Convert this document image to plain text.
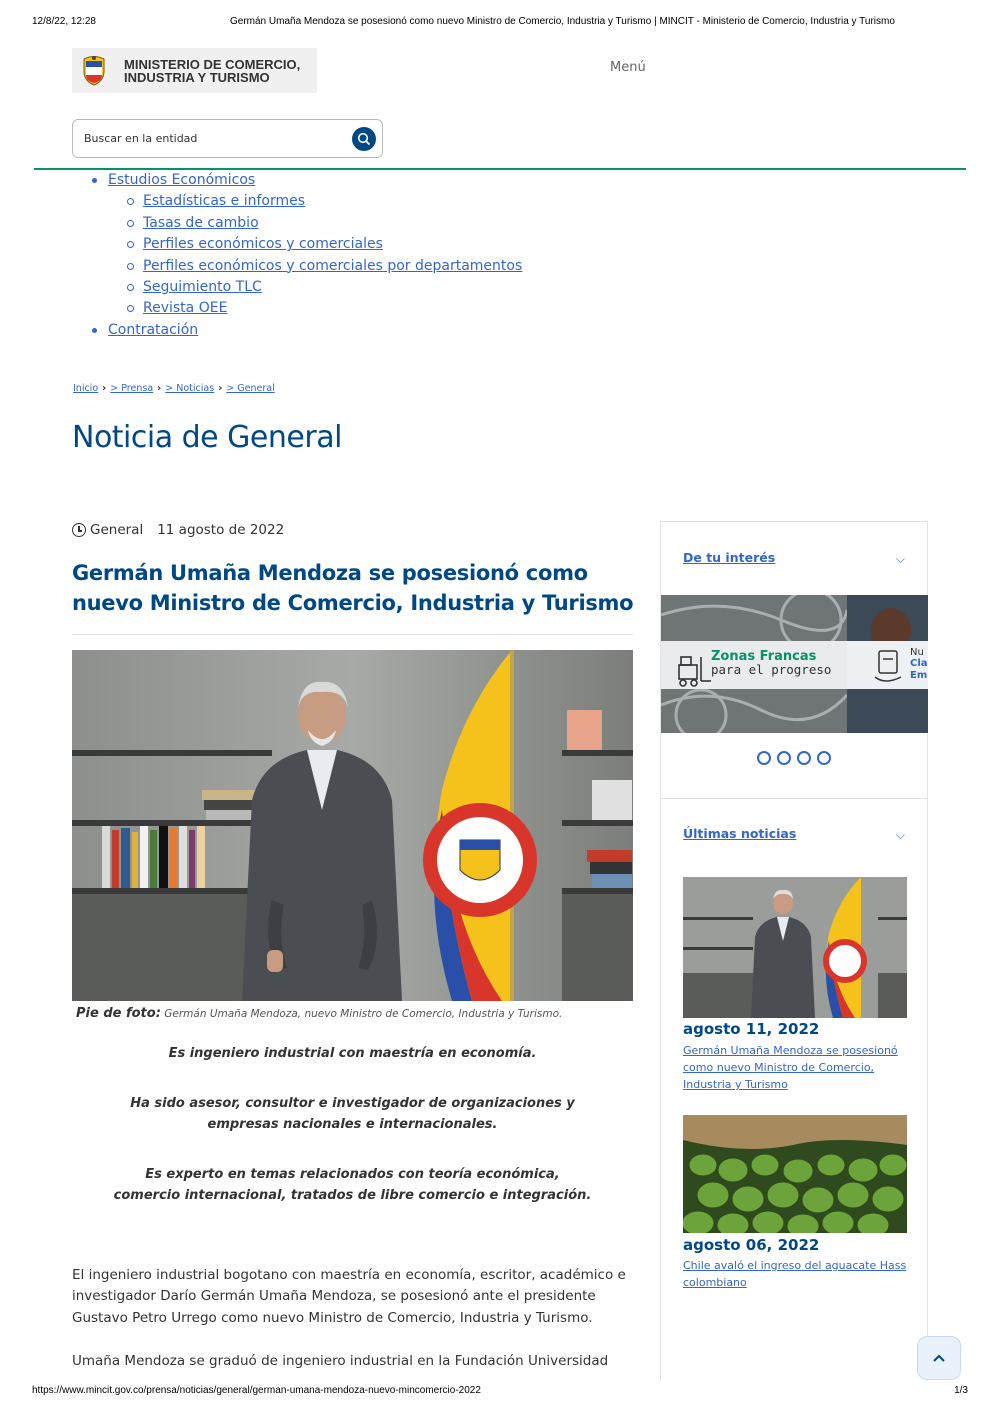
12/8/22, 12:28	Germán Umaña Mendoza se posesionó como nuevo Ministro de Comercio, Industria y Turismo | MINCIT - Ministerio de Comercio, Industria y Turismo
MINISTERIO DE COMERCIO,
INDUSTRIA Y TURISMO
Menú
Buscar en la entidad
Estudios Económicos
Estadísticas e informes
Tasas de cambio
Perfiles económicos y comerciales
Perfiles económicos y comerciales por departamentos
Seguimiento TLC
Revista OEE
Contratación
Inicio › > Prensa › > Noticias › > General
Noticia de General
General 11 agosto de 2022
Germán Umaña Mendoza se posesionó como nuevo Ministro de Comercio, Industria y Turismo
Pie de foto: Germán Umaña Mendoza, nuevo Ministro de Comercio, Industria y Turismo.

Es ingeniero industrial con maestría en economía.

Ha sido asesor, consultor e investigador de organizaciones y empresas nacionales e internacionales.

Es experto en temas relacionados con teoría económica, comercio internacional, tratados de libre comercio e integración.

El ingeniero industrial bogotano con maestría en economía, escritor, académico e investigador Darío Germán Umaña Mendoza, se posesionó ante el presidente Gustavo Petro Urrego como nuevo Ministro de Comercio, Industria y Turismo.

Umaña Mendoza se graduó de ingeniero industrial en la Fundación Universidad

De tu interés	⌵
Zonas Francas
para el progreso
Nu
Cla
Em
Últimas noticias	⌵
agosto 11, 2022
Germán Umaña Mendoza se posesionó como nuevo Ministro de Comercio, Industria y Turismo
agosto 06, 2022
Chile avaló el ingreso del aguacate Hass colombiano
https://www.mincit.gov.co/prensa/noticias/general/german-umana-mendoza-nuevo-mincomercio-2022	1/3
